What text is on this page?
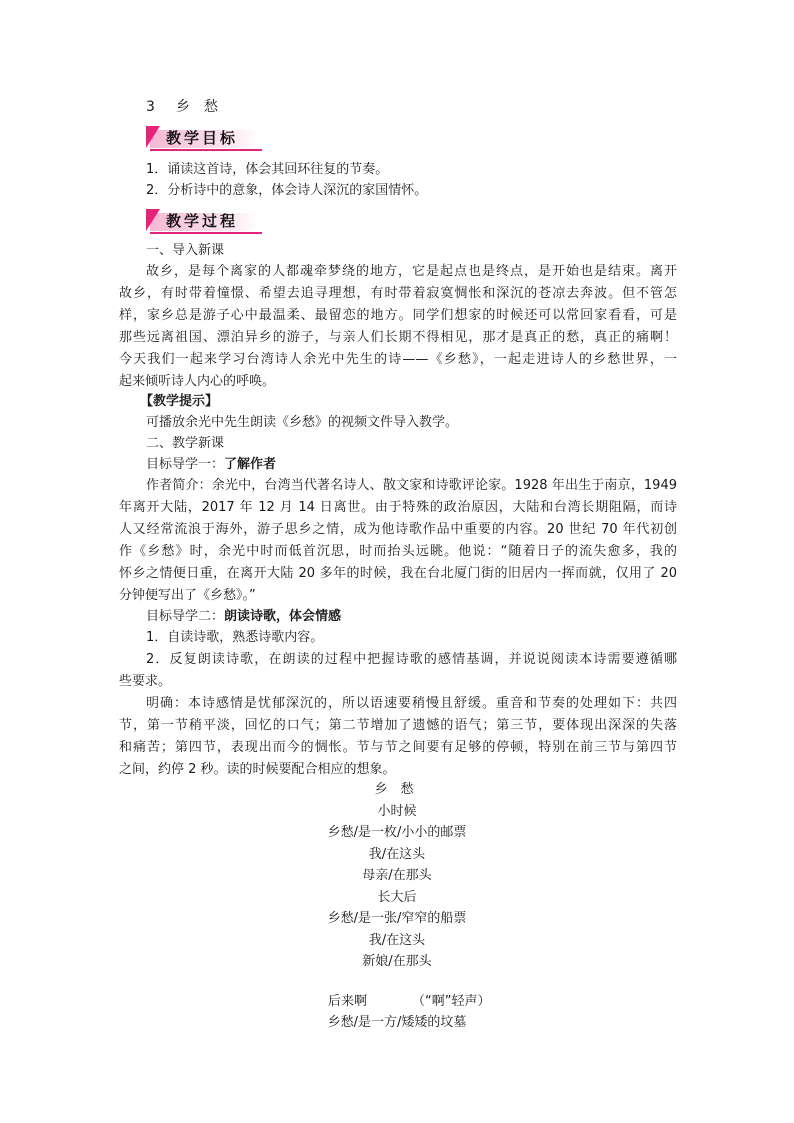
3 乡　愁
教学目标
1．诵读这首诗，体会其回环往复的节奏。
2．分析诗中的意象，体会诗人深沉的家国情怀。
教学过程
一、导入新课
故乡，是每个离家的人都魂牵梦绕的地方，它是起点也是终点，是开始也是结束。离开
故乡，有时带着憧憬、希望去追寻理想，有时带着寂寞惆怅和深沉的苍凉去奔波。但不管怎
样，家乡总是游子心中最温柔、最留恋的地方。同学们想家的时候还可以常回家看看，可是
那些远离祖国、漂泊异乡的游子，与亲人们长期不得相见，那才是真正的愁，真正的痛啊！
今天我们一起来学习台湾诗人余光中先生的诗——《乡愁》，一起走进诗人的乡愁世界，一
起来倾听诗人内心的呼唤。
【教学提示】
可播放余光中先生朗读《乡愁》的视频文件导入教学。
二、教学新课
目标导学一：了解作者
作者简介：余光中，台湾当代著名诗人、散文家和诗歌评论家。1928 年出生于南京，1949
年离开大陆，2017 年 12 月 14 日离世。由于特殊的政治原因，大陆和台湾长期阻隔，而诗
人又经常流浪于海外，游子思乡之情，成为他诗歌作品中重要的内容。20 世纪 70 年代初创
作《乡愁》时，余光中时而低首沉思，时而抬头远眺。他说：“随着日子的流失愈多，我的
怀乡之情便日重，在离开大陆 20 多年的时候，我在台北厦门街的旧居内一挥而就，仅用了 20
分钟便写出了《乡愁》。”
目标导学二：朗读诗歌，体会情感
1．自读诗歌，熟悉诗歌内容。
2．反复朗读诗歌，在朗读的过程中把握诗歌的感情基调，并说说阅读本诗需要遵循哪
些要求。
明确：本诗感情是忧郁深沉的，所以语速要稍慢且舒缓。重音和节奏的处理如下：共四
节，第一节稍平淡，回忆的口气；第二节增加了遗憾的语气；第三节，要体现出深深的失落
和痛苦；第四节，表现出而今的惆怅。节与节之间要有足够的停顿，特别在前三节与第四节
之间，约停 2 秒。读的时候要配合相应的想象。
乡　愁
小时候
乡愁/是一枚/小小的邮票
我/在这头
母亲/在那头
长大后
乡愁/是一张/窄窄的船票
我/在这头
新娘/在那头
后来啊	（“啊”轻声）
乡愁/是一方/矮矮的坟墓
